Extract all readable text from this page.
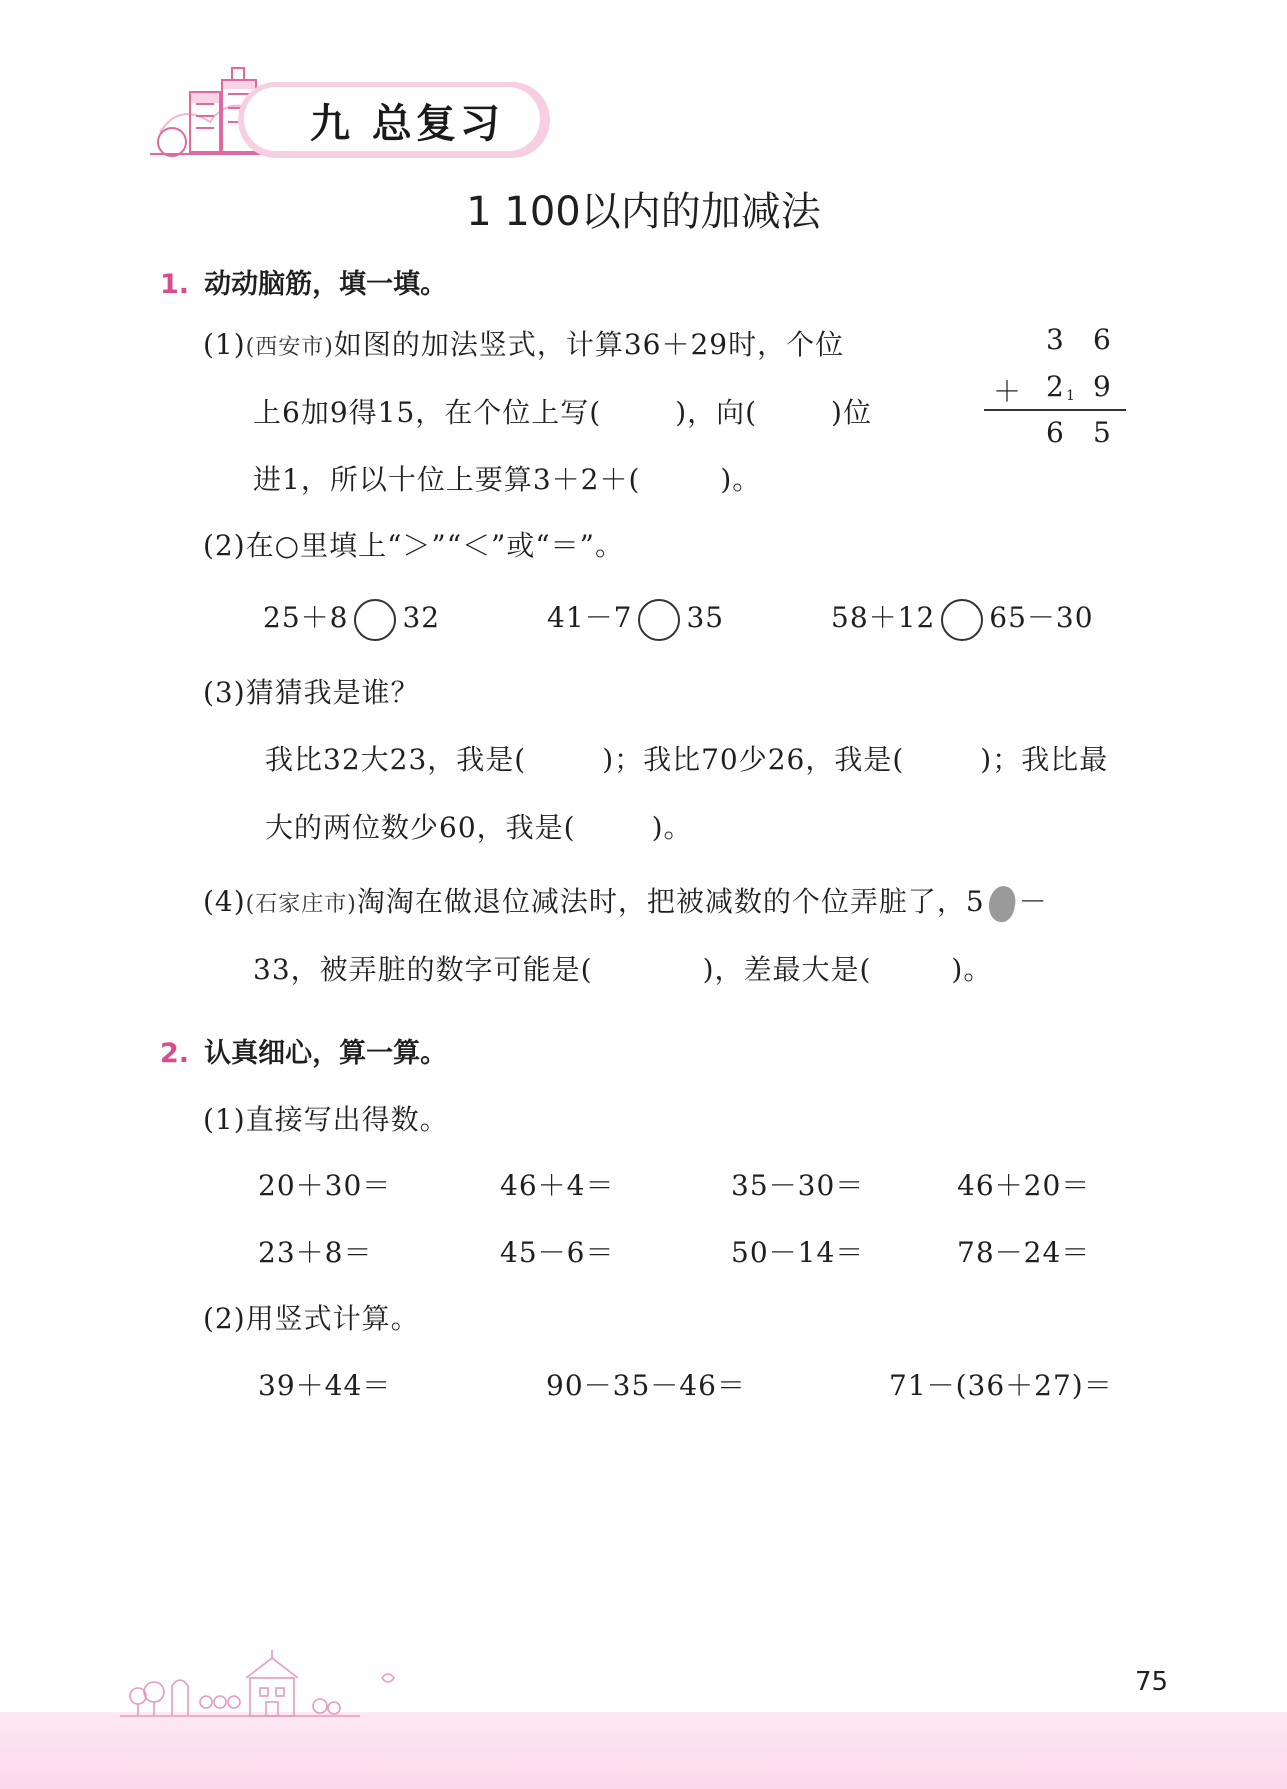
九 总复习
1 100以内的加减法
1. 动动脑筋，填一填。
(1)(西安市)如图的加法竖式，计算36＋29时，个位
上6加9得15，在个位上写(	)，向(	)位
进1，所以十位上要算3＋2＋(	)。
3 6
＋ 2 1 9
6 5
(2)在○里填上“＞”“＜”或“＝”。
25＋8 32	41－7 35	58＋12 65－30
(3)猜猜我是谁？
我比32大23，我是(	)；我比70少26，我是(	)；我比最
大的两位数少60，我是(	)。
(4)(石家庄市)淘淘在做退位减法时，把被减数的个位弄脏了，5 －
33，被弄脏的数字可能是(	)，差最大是(	)。
2. 认真细心，算一算。
(1)直接写出得数。
20＋30＝	46＋4＝	35－30＝	46＋20＝
23＋8＝	45－6＝	50－14＝	78－24＝
(2)用竖式计算。
39＋44＝	90－35－46＝	71－(36＋27)＝
75
